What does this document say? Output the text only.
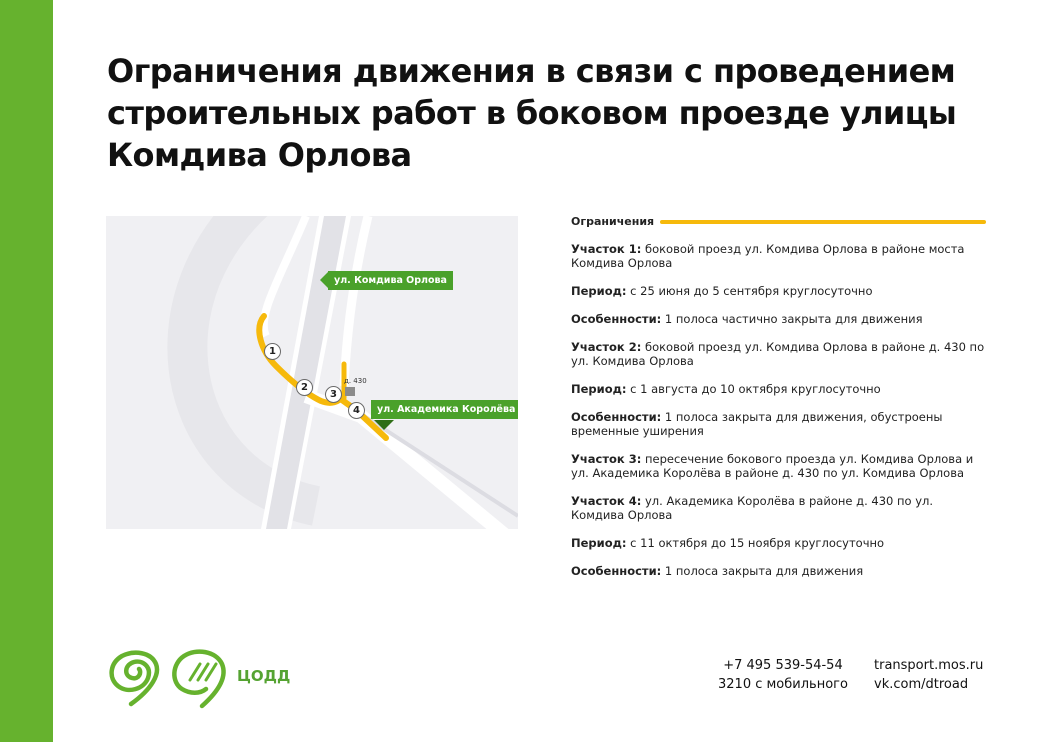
Ограничения движения в связи с проведением
строительных работ в боковом проезде улицы
Комдива Орлова
ул. Комдива Орлова
ул. Академика Королёва
д. 430
1
2
3
4
Ограничения
Участок 1: боковой проезд ул. Комдива Орлова в районе моста Комдива Орлова
Период: с 25 июня до 5 сентября круглосуточно
Особенности: 1 полоса частично закрыта для движения
Участок 2: боковой проезд ул. Комдива Орлова в районе д. 430 по ул. Комдива Орлова
Период: с 1 августа до 10 октября круглосуточно
Особенности: 1 полоса закрыта для движения, обустроены временные уширения
Участок 3: пересечение бокового проезда ул. Комдива Орлова и ул. Академика Королёва в районе д. 430 по ул. Комдива Орлова
Участок 4: ул. Академика Королёва в районе д. 430 по ул. Комдива Орлова
Период: с 11 октября до 15 ноября круглосуточно
Особенности: 1 полоса закрыта для движения
ЦОДД
+7 495 539-54-54
3210 с мобильного
transport.mos.ru
vk.com/dtroad
